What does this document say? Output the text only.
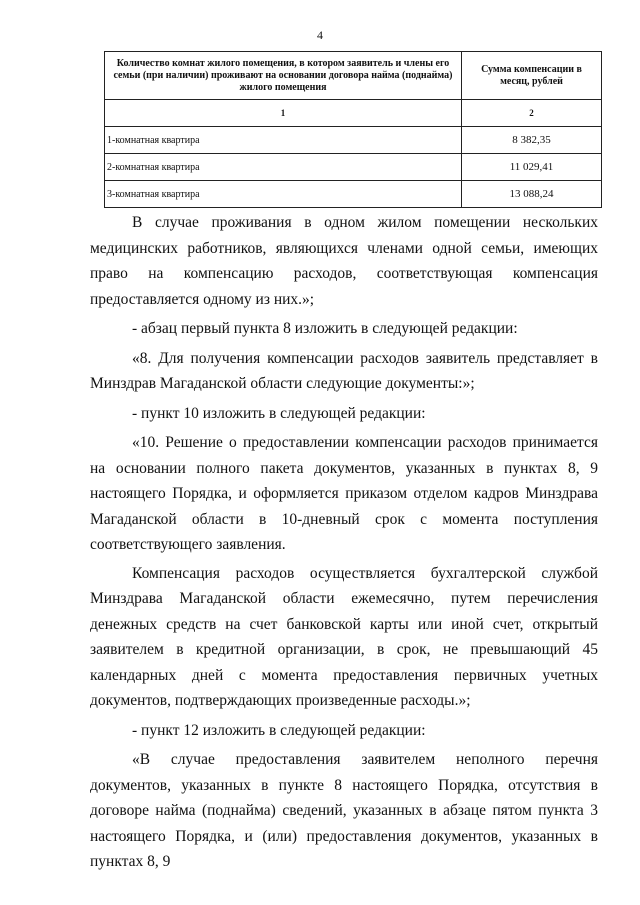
4
Количество комнат жилого помещения, в котором заявитель и члены его семьи (при наличии) проживают на основании договора найма (поднайма) жилого помещения	Сумма компенсации в месяц, рублей
1	2
1-комнатная квартира	8 382,35
2-комнатная квартира	11 029,41
3-комнатная квартира	13 088,24

В случае проживания в одном жилом помещении нескольких медицинских работников, являющихся членами одной семьи, имеющих право на компенсацию расходов, соответствующая компенсация предоставляется одному из них.»;

- абзац первый пункта 8 изложить в следующей редакции:

«8. Для получения компенсации расходов заявитель представляет в Минздрав Магаданской области следующие документы:»;

- пункт 10 изложить в следующей редакции:

«10. Решение о предоставлении компенсации расходов принимается на основании полного пакета документов, указанных в пунктах 8, 9 настоящего Порядка, и оформляется приказом отделом кадров Минздрава Магаданской области в 10-дневный срок с момента поступления соответствующего заявления.

Компенсация расходов осуществляется бухгалтерской службой Минздрава Магаданской области ежемесячно, путем перечисления денежных средств на счет банковской карты или иной счет, открытый заявителем в кредитной организации, в срок, не превышающий 45 календарных дней с момента предоставления первичных учетных документов, подтверждающих произведенные расходы.»;

- пункт 12 изложить в следующей редакции:

«В случае предоставления заявителем неполного перечня документов, указанных в пункте 8 настоящего Порядка, отсутствия в договоре найма (поднайма) сведений, указанных в абзаце пятом пункта 3 настоящего Порядка, и (или) предоставления документов, указанных в пунктах 8, 9
